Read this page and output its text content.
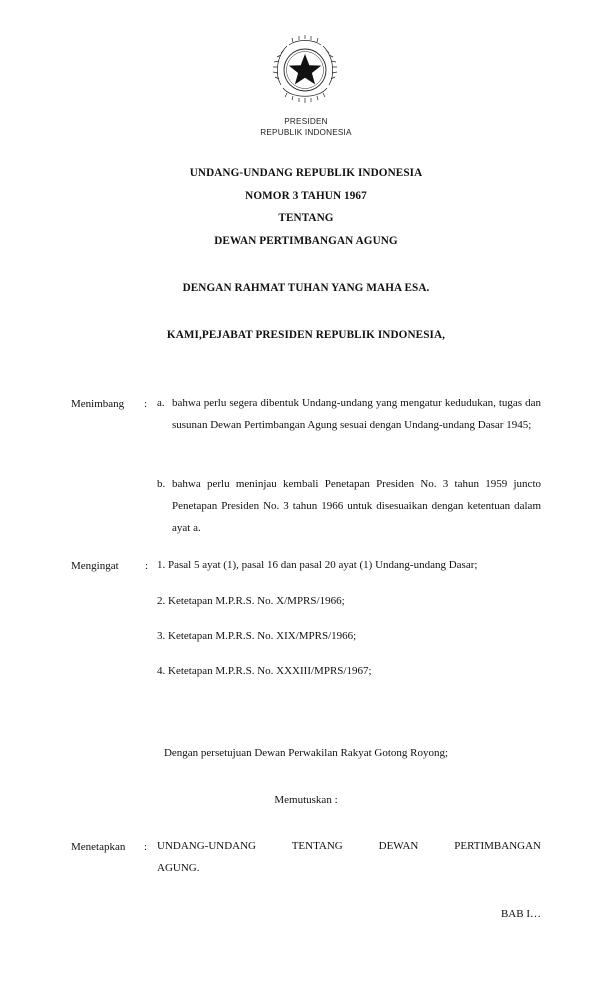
PRESIDEN
REPUBLIK INDONESIA
UNDANG-UNDANG REPUBLIK INDONESIA
NOMOR 3 TAHUN 1967
TENTANG
DEWAN PERTIMBANGAN AGUNG
DENGAN RAHMAT TUHAN YANG MAHA ESA.
KAMI,PEJABAT PRESIDEN REPUBLIK INDONESIA,
Menimbang : a. bahwa perlu segera dibentuk Undang-undang yang mengatur kedudukan, tugas dan susunan Dewan Pertimbangan Agung sesuai dengan Undang-undang Dasar 1945;
b. bahwa perlu meninjau kembali Penetapan Presiden No. 3 tahun 1959 juncto Penetapan Presiden No. 3 tahun 1966 untuk disesuaikan dengan ketentuan dalam ayat a.
Mengingat : 1. Pasal 5 ayat (1), pasal 16 dan pasal 20 ayat (1) Undang-undang Dasar;
2. Ketetapan M.P.R.S. No. X/MPRS/1966;
3. Ketetapan M.P.R.S. No. XIX/MPRS/1966;
4. Ketetapan M.P.R.S. No. XXXIII/MPRS/1967;
Dengan persetujuan Dewan Perwakilan Rakyat Gotong Royong;
Memutuskan :
Menetapkan : UNDANG-UNDANG TENTANG DEWAN PERTIMBANGAN
AGUNG.
BAB I…
